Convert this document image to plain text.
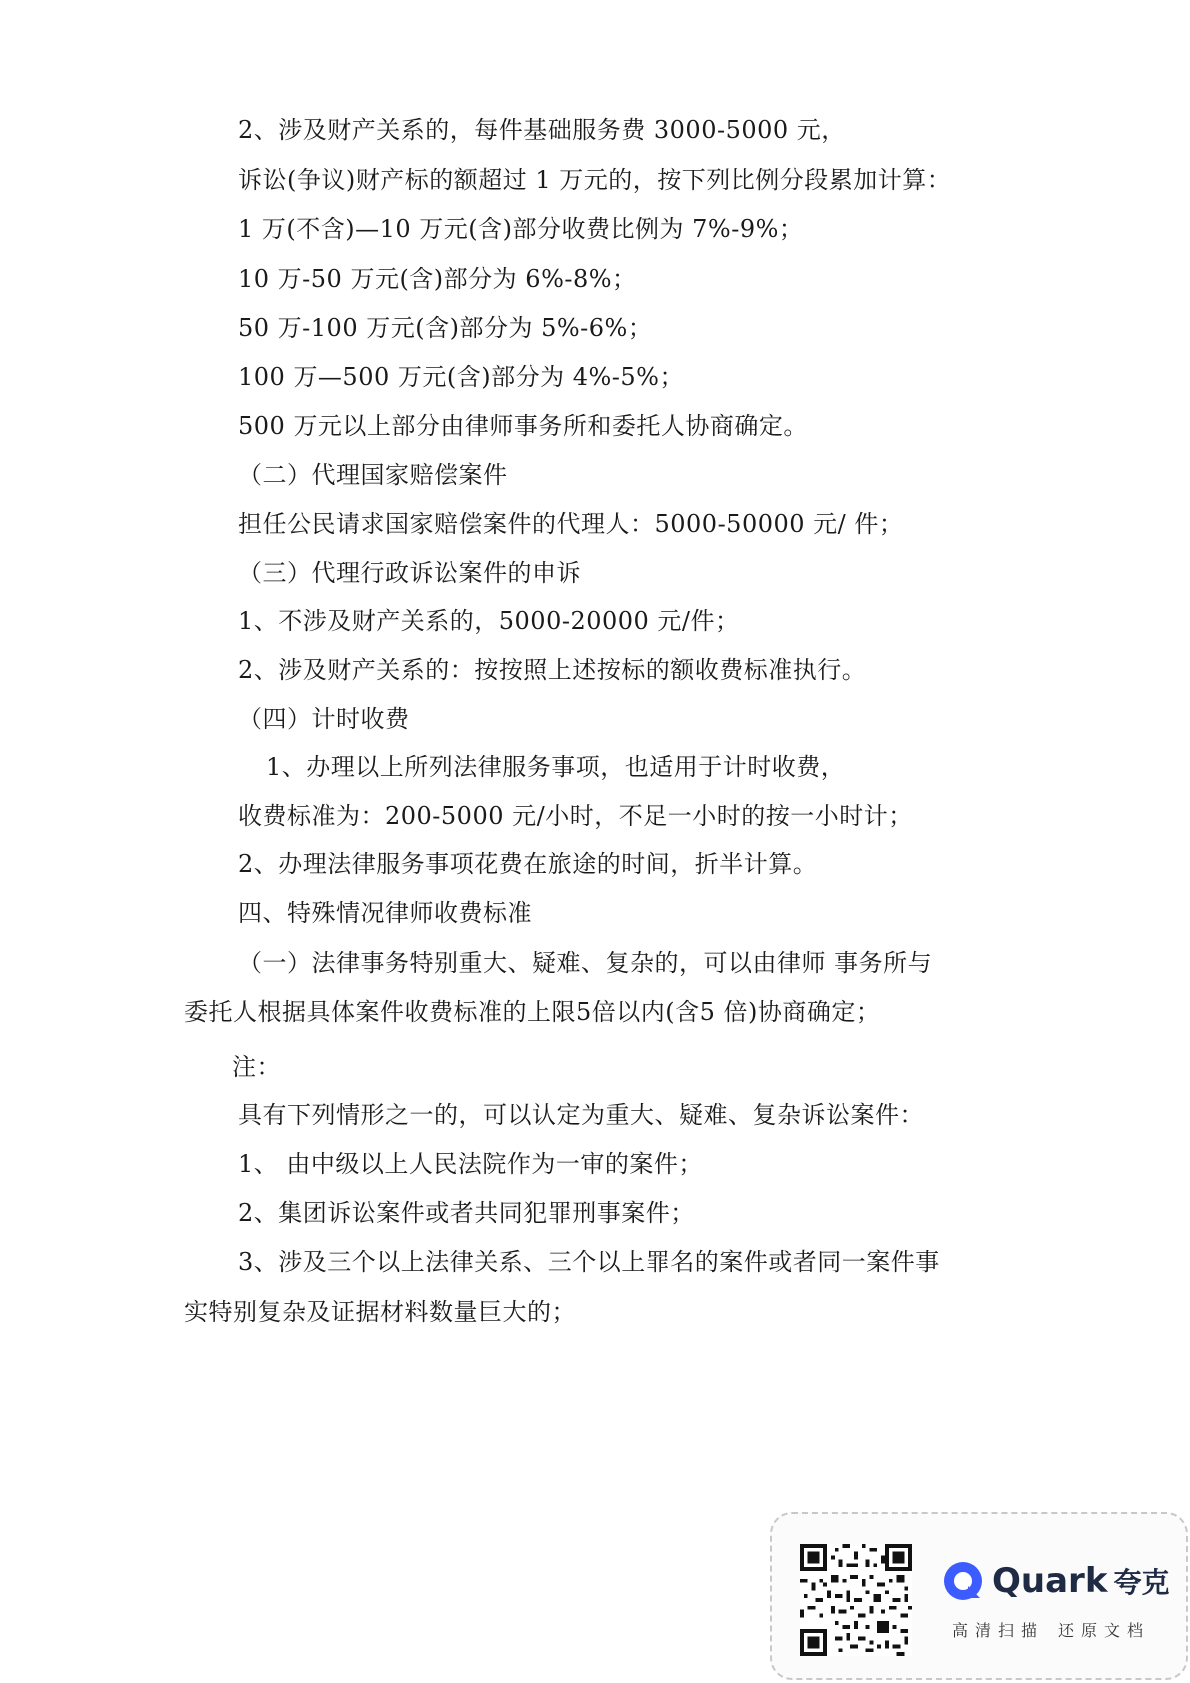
2、涉及财产关系的，每件基础服务费 3000-5000 元，
诉讼(争议)财产标的额超过 1 万元的，按下列比例分段累加计算：
1 万(不含)—10 万元(含)部分收费比例为 7%-9%；
10 万-50 万元(含)部分为 6%-8%；
50 万-100 万元(含)部分为 5%-6%；
100 万—500 万元(含)部分为 4%-5%；
500 万元以上部分由律师事务所和委托人协商确定。
（二）代理国家赔偿案件
担任公民请求国家赔偿案件的代理人：5000-50000 元/ 件；
（三）代理行政诉讼案件的申诉
1、不涉及财产关系的，5000-20000 元/件；
2、涉及财产关系的：按按照上述按标的额收费标准执行。
（四）计时收费
1、办理以上所列法律服务事项，也适用于计时收费，
收费标准为：200-5000 元/小时，不足一小时的按一小时计；
2、办理法律服务事项花费在旅途的时间，折半计算。
四、特殊情况律师收费标准
（一）法律事务特别重大、疑难、复杂的，可以由律师 事务所与
委托人根据具体案件收费标准的上限5倍以内(含5 倍)协商确定；
注：
具有下列情形之一的，可以认定为重大、疑难、复杂诉讼案件：
1、 由中级以上人民法院作为一审的案件；
2、集团诉讼案件或者共同犯罪刑事案件；
3、涉及三个以上法律关系、三个以上罪名的案件或者同一案件事
实特别复杂及证据材料数量巨大的；
Quark 夸克
高清扫描 还原文档
